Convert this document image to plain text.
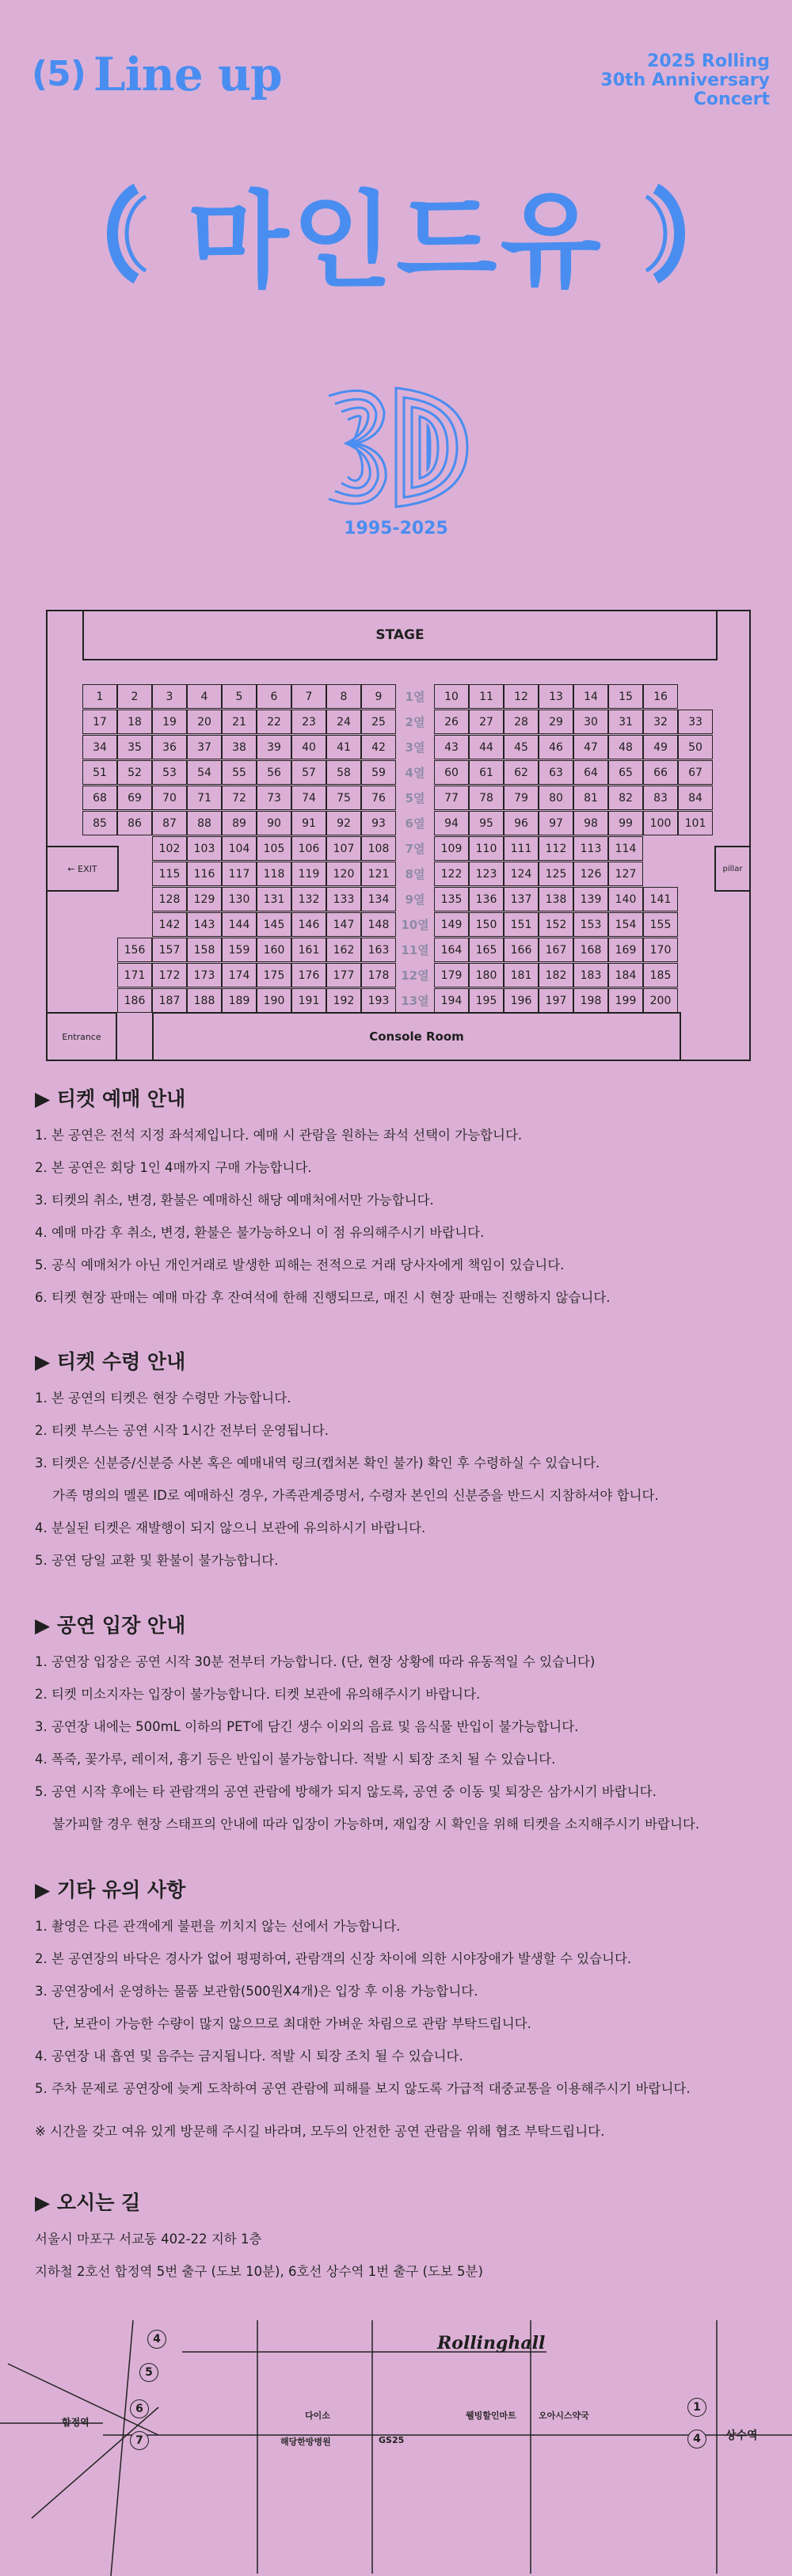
(5) Line up	2025 Rolling
30th Anniversary
Concert
마인드유
1995-2025
STAGE
← EXIT	pillar
Entrance	Console Room
1	2	3	4	5	6	7	8	9	10	11	12	13	14	15	16
1열
17	18	19	20	21	22	23	24	25	26	27	28	29	30	31	32	33
2열
34	35	36	37	38	39	40	41	42	43	44	45	46	47	48	49	50
3열
51	52	53	54	55	56	57	58	59	60	61	62	63	64	65	66	67
4열
68	69	70	71	72	73	74	75	76	77	78	79	80	81	82	83	84
5열
85	86	87	88	89	90	91	92	93	94	95	96	97	98	99	100	101
6열
102	103	104	105	106	107	108	109	110	111	112	113	114
7열
115	116	117	118	119	120	121	122	123	124	125	126	127
8열
128	129	130	131	132	133	134	135	136	137	138	139	140	141
9열
142	143	144	145	146	147	148	149	150	151	152	153	154	155
10열
156	157	158	159	160	161	162	163	164	165	166	167	168	169	170
11열
171	172	173	174	175	176	177	178	179	180	181	182	183	184	185
12열
186	187	188	189	190	191	192	193	194	195	196	197	198	199	200
13열
▶ 티켓 예매 안내
1. 본 공연은 전석 지정 좌석제입니다. 예매 시 관람을 원하는 좌석 선택이 가능합니다.
2. 본 공연은 회당 1인 4매까지 구매 가능합니다.
3. 티켓의 취소, 변경, 환불은 예매하신 해당 예매처에서만 가능합니다.
4. 예매 마감 후 취소, 변경, 환불은 불가능하오니 이 점 유의해주시기 바랍니다.
5. 공식 예매처가 아닌 개인거래로 발생한 피해는 전적으로 거래 당사자에게 책임이 있습니다.
6. 티켓 현장 판매는 예매 마감 후 잔여석에 한해 진행되므로, 매진 시 현장 판매는 진행하지 않습니다.
▶ 티켓 수령 안내
1. 본 공연의 티켓은 현장 수령만 가능합니다.
2. 티켓 부스는 공연 시작 1시간 전부터 운영됩니다.
3. 티켓은 신분증/신분증 사본 혹은 예매내역 링크(캡처본 확인 불가) 확인 후 수령하실 수 있습니다.
가족 명의의 멜론 ID로 예매하신 경우, 가족관계증명서, 수령자 본인의 신분증을 반드시 지참하셔야 합니다.
4. 분실된 티켓은 재발행이 되지 않으니 보관에 유의하시기 바랍니다.
5. 공연 당일 교환 및 환불이 불가능합니다.
▶ 공연 입장 안내
1. 공연장 입장은 공연 시작 30분 전부터 가능합니다. (단, 현장 상황에 따라 유동적일 수 있습니다)
2. 티켓 미소지자는 입장이 불가능합니다. 티켓 보관에 유의해주시기 바랍니다.
3. 공연장 내에는 500mL 이하의 PET에 담긴 생수 이외의 음료 및 음식물 반입이 불가능합니다.
4. 폭죽, 꽃가루, 레이저, 흉기 등은 반입이 불가능합니다. 적발 시 퇴장 조치 될 수 있습니다.
5. 공연 시작 후에는 타 관람객의 공연 관람에 방해가 되지 않도록, 공연 중 이동 및 퇴장은 삼가시기 바랍니다.
불가피할 경우 현장 스태프의 안내에 따라 입장이 가능하며, 재입장 시 확인을 위해 티켓을 소지해주시기 바랍니다.
▶ 기타 유의 사항
1. 촬영은 다른 관객에게 불편을 끼치지 않는 선에서 가능합니다.
2. 본 공연장의 바닥은 경사가 없어 평평하여, 관람객의 신장 차이에 의한 시야장애가 발생할 수 있습니다.
3. 공연장에서 운영하는 물품 보관함(500원X4개)은 입장 후 이용 가능합니다.
단, 보관이 가능한 수량이 많지 않으므로 최대한 가벼운 차림으로 관람 부탁드립니다.
4. 공연장 내 흡연 및 음주는 금지됩니다. 적발 시 퇴장 조치 될 수 있습니다.
5. 주차 문제로 공연장에 늦게 도착하여 공연 관람에 피해를 보지 않도록 가급적 대중교통을 이용해주시기 바랍니다.
※ 시간을 갖고 여유 있게 방문해 주시길 바라며, 모두의 안전한 공연 관람을 위해 협조 부탁드립니다.
▶ 오시는 길
서울시 마포구 서교동 402-22 지하 1층
지하철 2호선 합정역 5번 출구 (도보 10분), 6호선 상수역 1번 출구 (도보 5분)
합정역
상수역
Rollinghall
4
5
6
7
1
4
다이소
해당한방병원	GS25
웰빙할인마트	오아시스약국
